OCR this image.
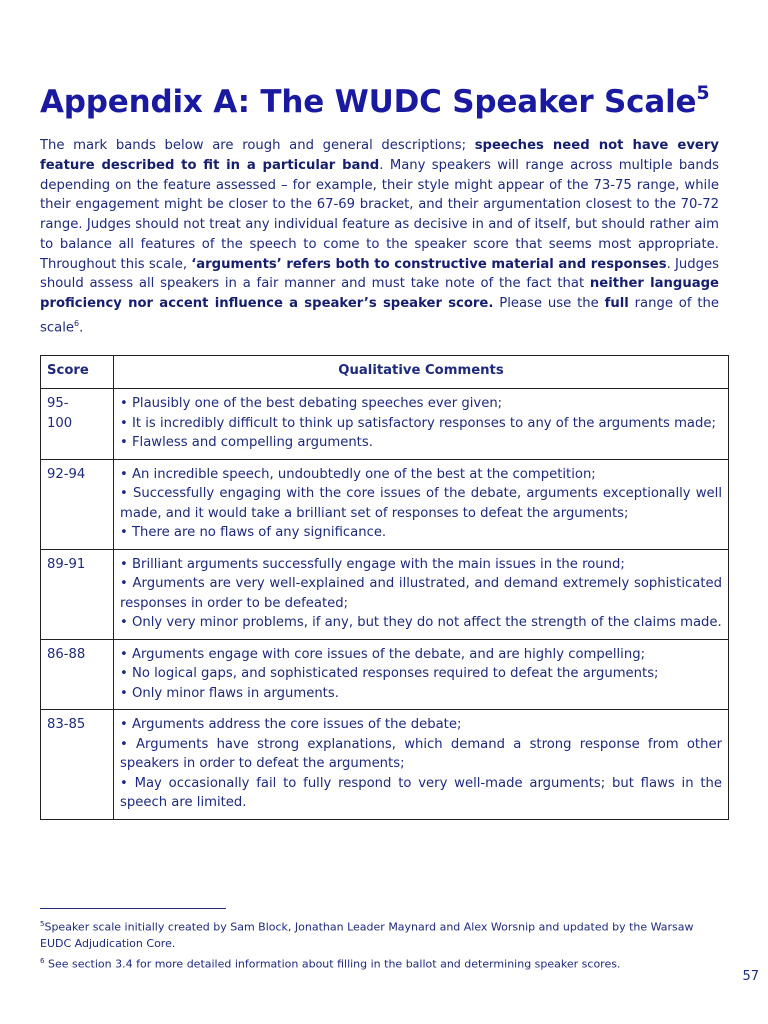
Appendix A: The WUDC Speaker Scale$^5$

The mark bands below are rough and general descriptions; speeches need not have every feature described to fit in a particular band. Many speakers will range across multiple bands depending on the feature assessed – for example, their style might appear of the 73-75 range, while their engagement might be closer to the 67-69 bracket, and their argumentation closest to the 70-72 range. Judges should not treat any individual feature as decisive in and of itself, but should rather aim to balance all features of the speech to come to the speaker score that seems most appropriate. Throughout this scale, ‘arguments’ refers both to constructive material and responses. Judges should assess all speakers in a fair manner and must take note of the fact that neither language proficiency nor accent influence a speaker’s speaker score. Please use the full range of the scale$^6$.

Score	Qualitative Comments
95-
100	• Plausibly one of the best debating speeches ever given;
• It is incredibly difficult to think up satisfactory responses to any of the arguments made;
• Flawless and compelling arguments.

92-94	• An incredible speech, undoubtedly one of the best at the competition;
• Successfully engaging with the core issues of the debate, arguments exceptionally well made, and it would take a brilliant set of responses to defeat the arguments;
• There are no flaws of any significance.

89-91	• Brilliant arguments successfully engage with the main issues in the round;
• Arguments are very well-explained and illustrated, and demand extremely sophisticated responses in order to be defeated;
• Only very minor problems, if any, but they do not affect the strength of the claims made.

86-88	• Arguments engage with core issues of the debate, and are highly compelling;
• No logical gaps, and sophisticated responses required to defeat the arguments;
• Only minor flaws in arguments.

83-85	• Arguments address the core issues of the debate;
• Arguments have strong explanations, which demand a strong response from other speakers in order to defeat the arguments;
• May occasionally fail to fully respond to very well-made arguments; but flaws in the speech are limited.
$^5$Speaker scale initially created by Sam Block, Jonathan Leader Maynard and Alex Worsnip and updated by the Warsaw EUDC Adjudication Core.
$^6$ See section 3.4 for more detailed information about filling in the ballot and determining speaker scores.
57
